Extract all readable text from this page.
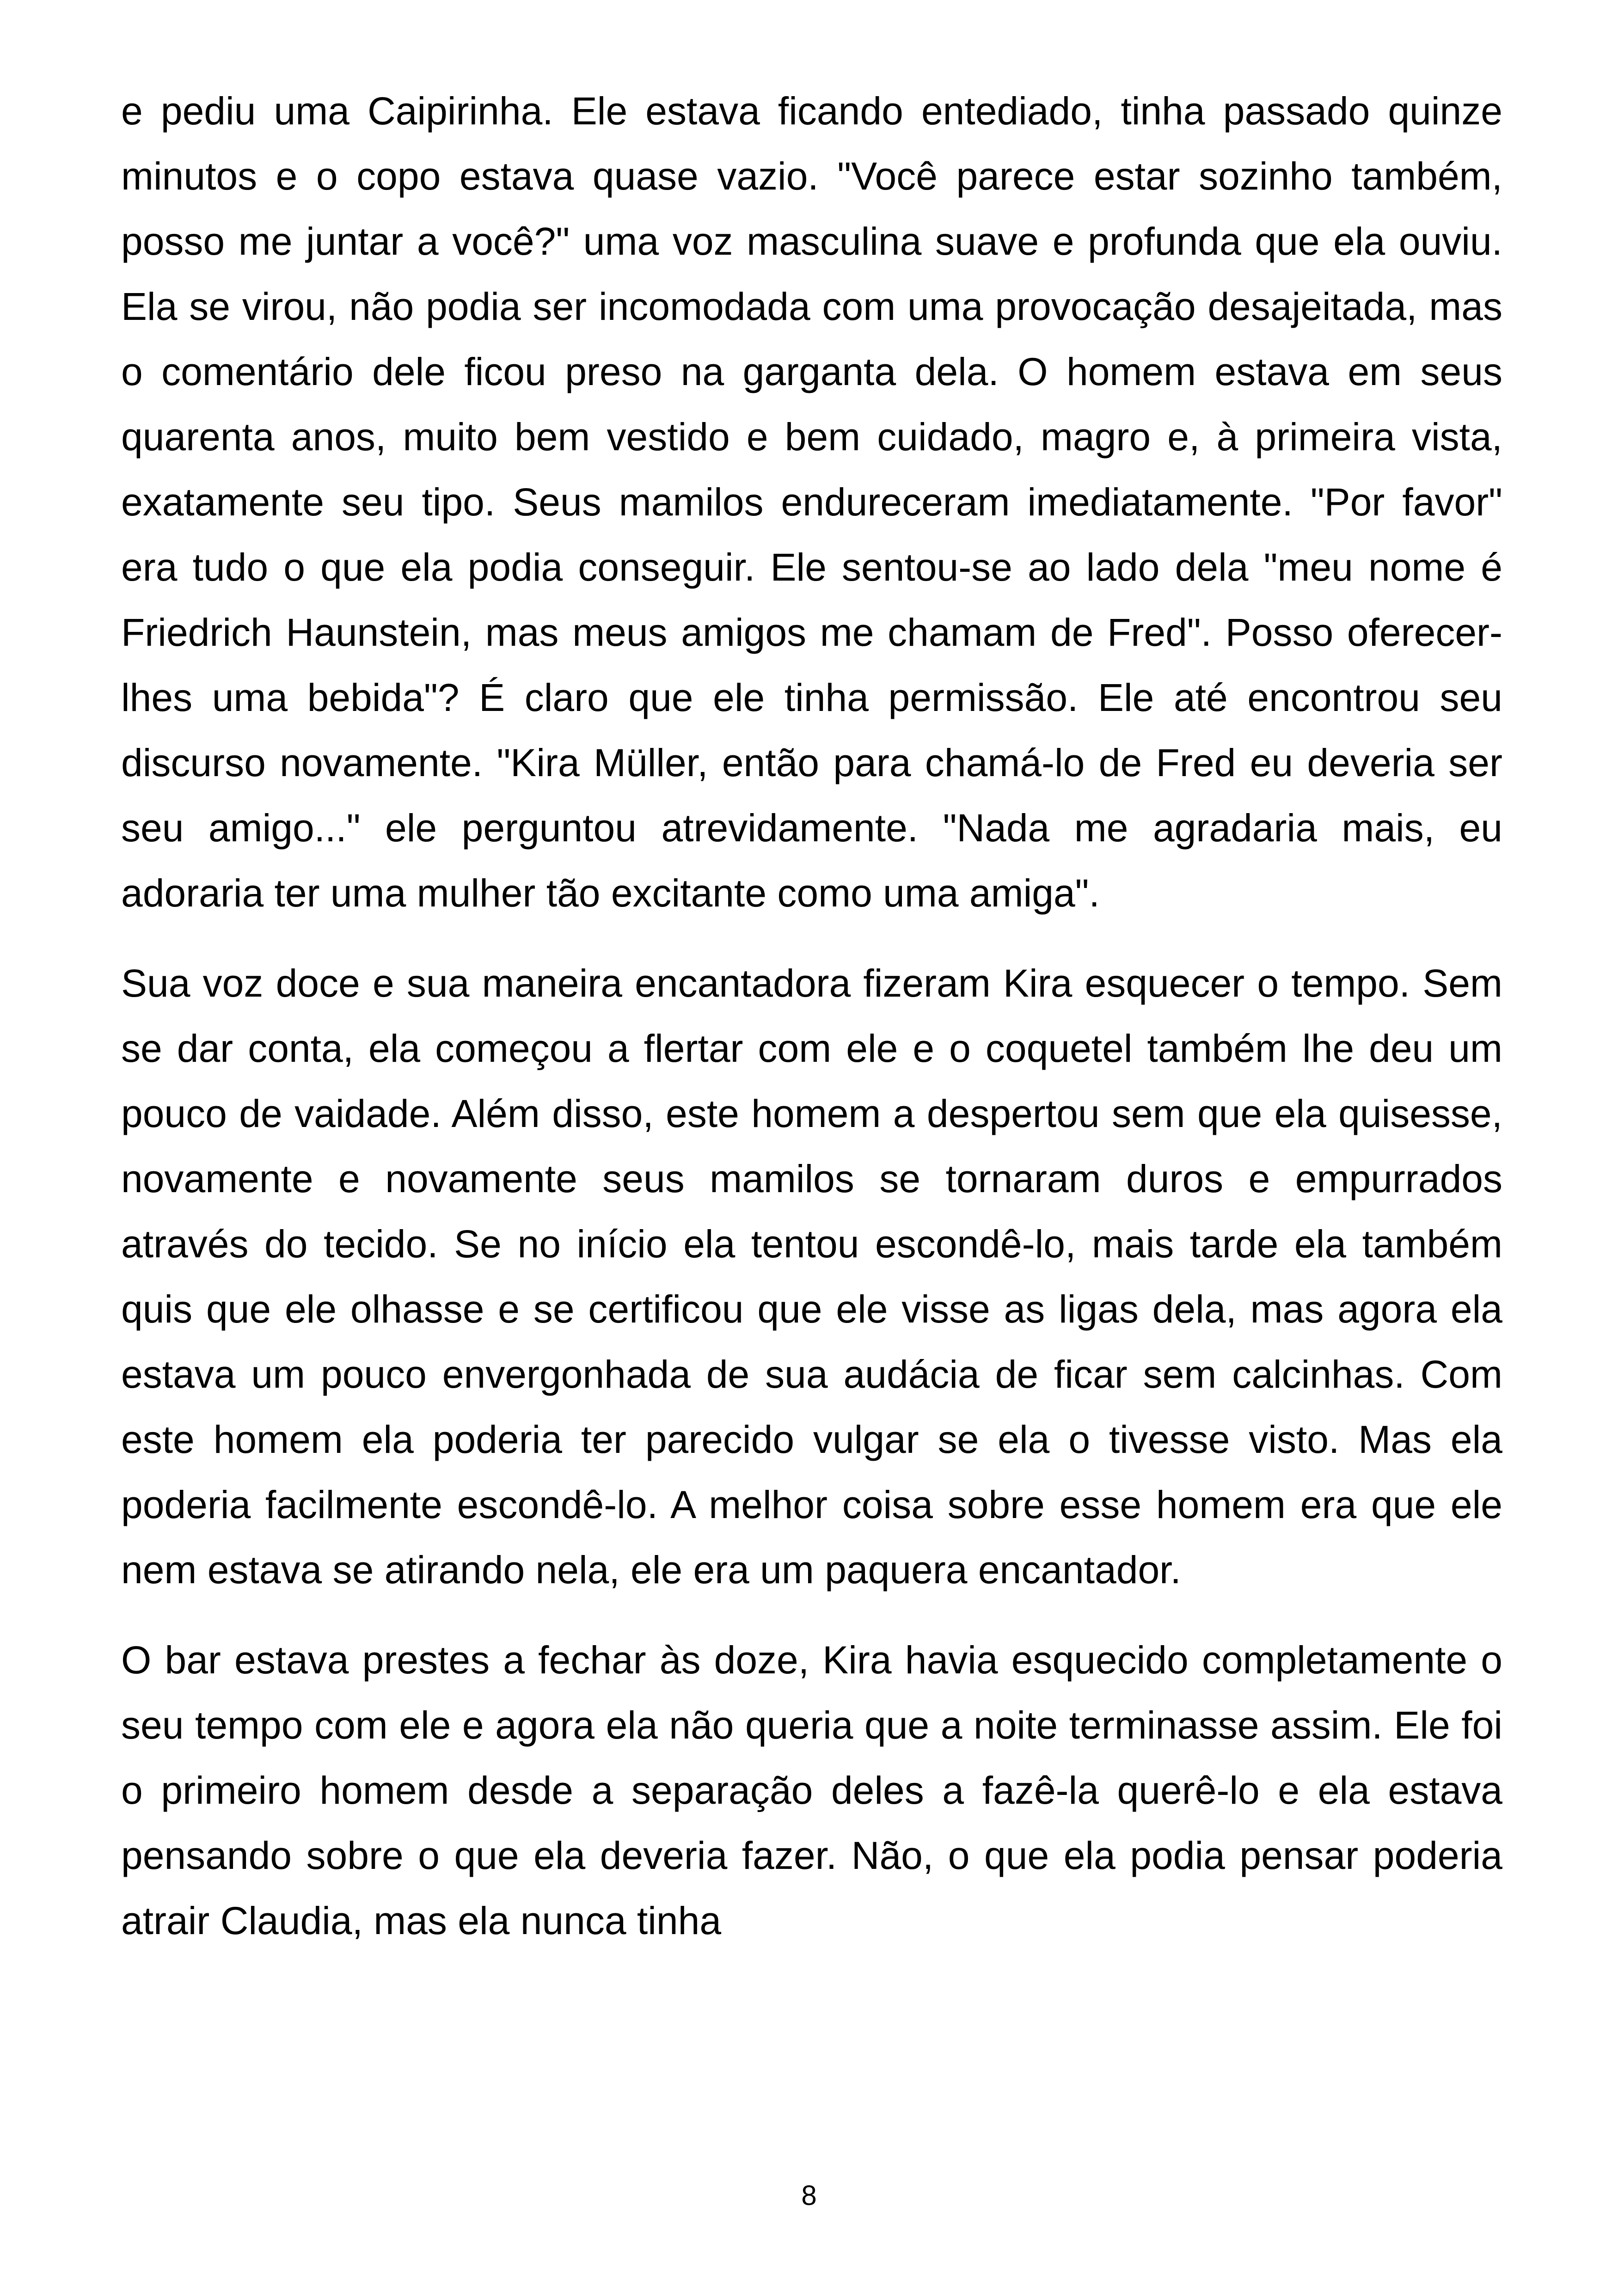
e pediu uma Caipirinha. Ele estava ficando entediado, tinha passado quinze minutos e o copo estava quase vazio. "Você parece estar sozinho também, posso me juntar a você?" uma voz masculina suave e profunda que ela ouviu. Ela se virou, não podia ser incomodada com uma provocação desajeitada, mas o comentário dele ficou preso na garganta dela. O homem estava em seus quarenta anos, muito bem vestido e bem cuidado, magro e, à primeira vista, exatamente seu tipo. Seus mamilos endureceram imediatamente. "Por favor" era tudo o que ela podia conseguir. Ele sentou-se ao lado dela "meu nome é Friedrich Haunstein, mas meus amigos me chamam de Fred". Posso oferecer-lhes uma bebida"? É claro que ele tinha permissão. Ele até encontrou seu discurso novamente. "Kira Müller, então para chamá-lo de Fred eu deveria ser seu amigo..." ele perguntou atrevidamente. "Nada me agradaria mais, eu adoraria ter uma mulher tão excitante como uma amiga".

Sua voz doce e sua maneira encantadora fizeram Kira esquecer o tempo. Sem se dar conta, ela começou a flertar com ele e o coquetel também lhe deu um pouco de vaidade. Além disso, este homem a despertou sem que ela quisesse, novamente e novamente seus mamilos se tornaram duros e empurrados através do tecido. Se no início ela tentou escondê-lo, mais tarde ela também quis que ele olhasse e se certificou que ele visse as ligas dela, mas agora ela estava um pouco envergonhada de sua audácia de ficar sem calcinhas. Com este homem ela poderia ter parecido vulgar se ela o tivesse visto. Mas ela poderia facilmente escondê-lo. A melhor coisa sobre esse homem era que ele nem estava se atirando nela, ele era um paquera encantador.

O bar estava prestes a fechar às doze, Kira havia esquecido completamente o seu tempo com ele e agora ela não queria que a noite terminasse assim. Ele foi o primeiro homem desde a separação deles a fazê-la querê-lo e ela estava pensando sobre o que ela deveria fazer. Não, o que ela podia pensar poderia atrair Claudia, mas ela nunca tinha

8
